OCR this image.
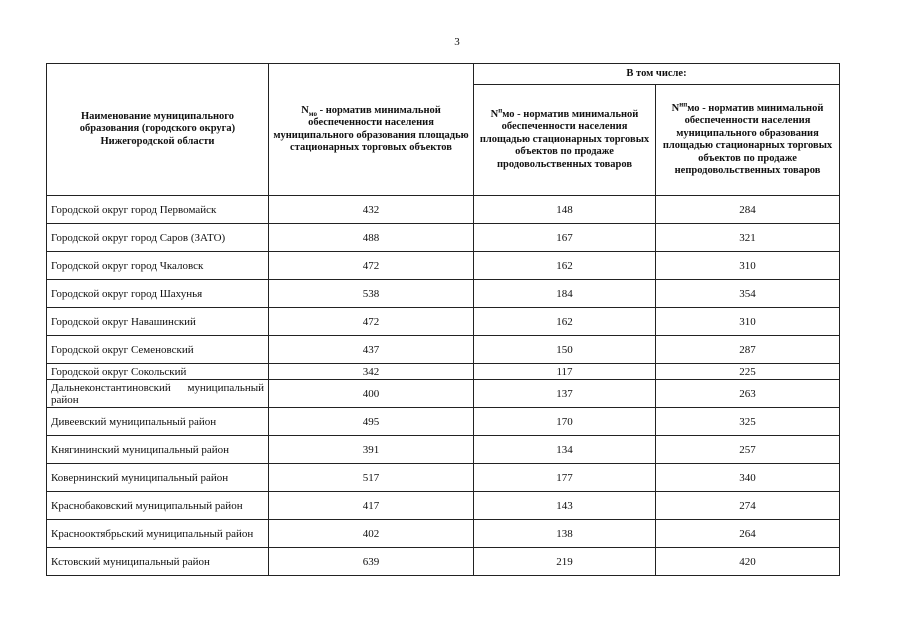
3
Наименование муниципального образования (городского округа) Нижегородской области	$N_{мо}$ - норматив минимальной обеспеченности населения муниципального образования площадью стационарных торговых объектов	В том числе:	
		$N^пмо$ - норматив минимальной обеспеченности населения площадью стационарных торговых объектов по продаже продовольственных товаров	$N^{нп}мо$ - норматив минимальной обеспеченности населения муниципального образования площадью стационарных торговых объектов по продаже непродовольственных товаров
Городской округ город Первомайск	432	148	284
Городской округ город Саров (ЗАТО)	488	167	321
Городской округ город Чкаловск	472	162	310
Городской округ город Шахунья	538	184	354
Городской округ Навашинский	472	162	310
Городской округ Семеновский	437	150	287
Городской округ Сокольский	342	117	225
Дальнеконстантиновский муниципальный район	400	137	263
Дивеевский муниципальный район	495	170	325
Княгининский муниципальный район	391	134	257
Ковернинский муниципальный район	517	177	340
Краснобаковский муниципальный район	417	143	274
Краснооктябрьский муниципальный район	402	138	264
Кстовский муниципальный район	639	219	420
